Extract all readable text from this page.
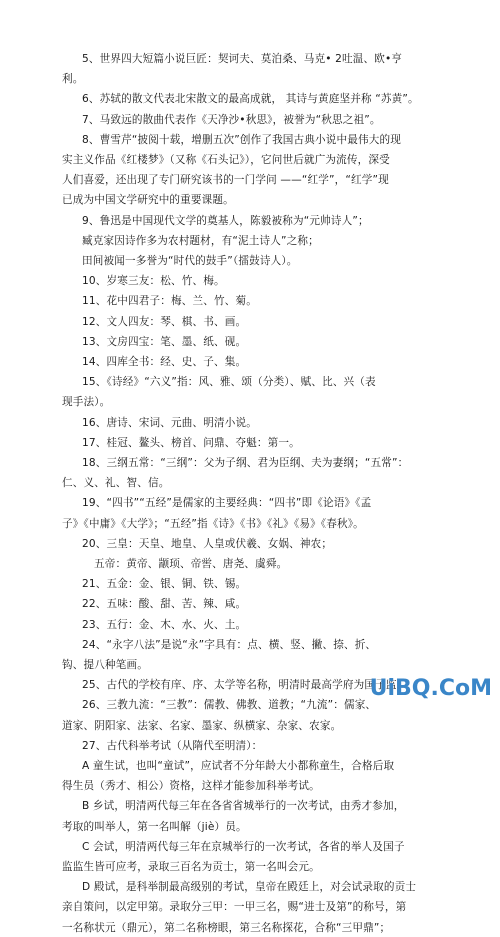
5、世界四大短篇小说巨匠：契诃夫、莫泊桑、马克• 2吐温、欧•亨
利。
6、苏轼的散文代表北宋散文的最高成就， 其诗与黄庭坚并称 “苏黄”。
7、马致远的散曲代表作《天净沙•秋思》，被誉为“秋思之祖”。
8、曹雪芹“披阅十载，增删五次”创作了我国古典小说中最伟大的现
实主义作品《红楼梦》（又称《石头记》），它问世后就广为流传，深受
人们喜爱，还出现了专门研究该书的一门学问 ——“红学”，“红学”现
已成为中国文学研究中的重要课题。
9、鲁迅是中国现代文学的奠基人，陈毅被称为“元帅诗人”；
臧克家因诗作多为农村题材，有“泥土诗人”之称；
田间被闻一多誉为“时代的鼓手”（擂鼓诗人）。
10、岁寒三友：松、竹、梅。
11、花中四君子：梅、兰、竹、菊。
12、文人四友：琴、棋、书、画。
13、文房四宝：笔、墨、纸、砚。
14、四库全书：经、史、子、集。
15、《诗经》“六义”指：风、雅、颂（分类）、赋、比、兴（表
现手法）。
16、唐诗、宋词、元曲、明清小说。
17、桂冠、鳌头、榜首、问鼎、夺魁：第一。
18、三纲五常：“三纲”：父为子纲、君为臣纲、夫为妻纲；“五常”：
仁、义、礼、智、信。
19、“四书”“五经”是儒家的主要经典：“四书”即《论语》《孟
子》《中庸》《大学》；“五经”指《诗》《书》《礼》《易》《春秋》。
20、三皇：天皇、地皇、人皇或伏羲、女娲、神农；
五帝：黄帝、颛顼、帝喾、唐尧、虞舜。
21、五金：金、银、铜、铁、锡。
22、五味：酸、甜、苦、辣、咸。
23、五行：金、木、水、火、土。
24、“永字八法”是说“永”字具有：点、横、竖、撇、捺、折、
钩、提八种笔画。
25、古代的学校有庠、序、太学等名称，明清时最高学府为国子监。
26、三教九流：“三教”：儒教、佛教、道教；“九流”：儒家、
道家、阴阳家、法家、名家、墨家、纵横家、杂家、农家。
27、古代科举考试（从隋代至明清）：
A 童生试，也叫“童试”，应试者不分年龄大小都称童生，合格后取
得生员（秀才、相公）资格，这样才能参加科举考试。
B 乡试，明清两代每三年在各省省城举行的一次考试，由秀才参加，
考取的叫举人，第一名叫解（jiè）员。
C 会试，明清两代每三年在京城举行的一次考试，各省的举人及国子
监监生皆可应考，录取三百名为贡士，第一名叫会元。
D 殿试，是科举制最高级别的考试，皇帝在殿廷上，对会试录取的贡士
亲自策问，以定甲第。录取分三甲：一甲三名，赐“进士及第”的称号，第
一名称状元（鼎元），第二名称榜眼，第三名称探花，合称“三甲鼎”；
UiBQ.CoM
